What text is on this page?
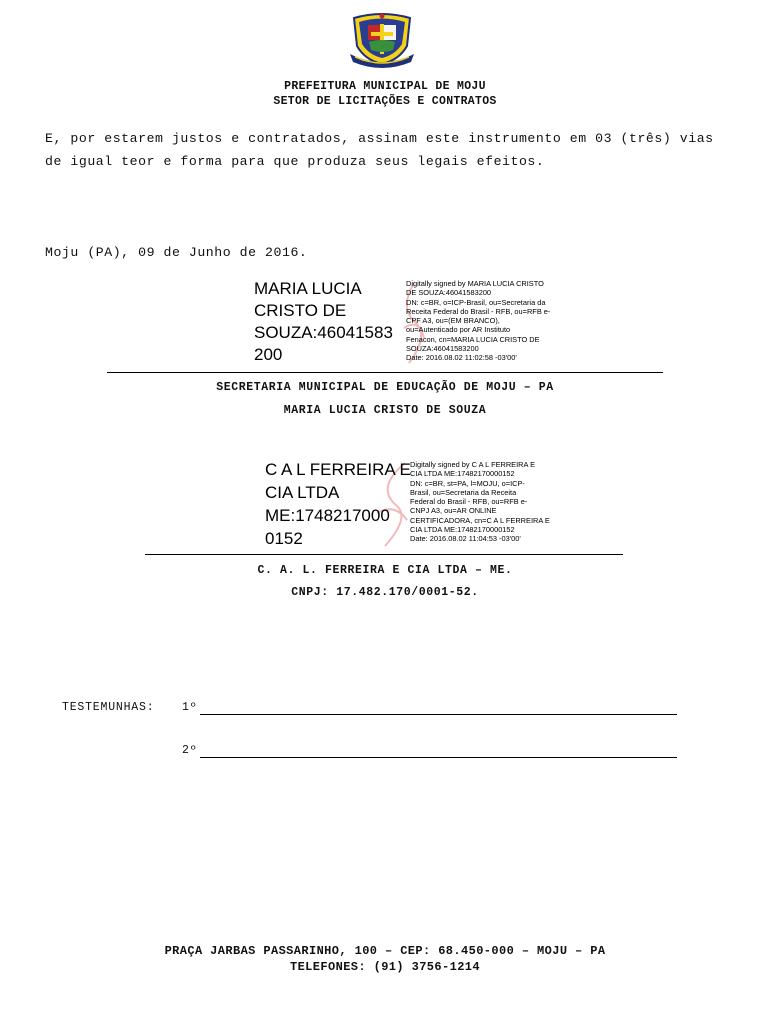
PREFEITURA MUNICIPAL DE MOJU
SETOR DE LICITAÇÕES E CONTRATOS
E, por estarem justos e contratados, assinam este instrumento em 03 (três) vias
de igual teor e forma para que produza seus legais efeitos.
Moju (PA), 09 de Junho de 2016.
MARIA LUCIA
CRISTO DE
SOUZA:46041583
200
Digitally signed by MARIA LUCIA CRISTO
DE SOUZA:46041583200
DN: c=BR, o=ICP-Brasil, ou=Secretaria da
Receita Federal do Brasil - RFB, ou=RFB e-
CPF A3, ou=(EM BRANCO),
ou=Autenticado por AR Instituto
Fenacon, cn=MARIA LUCIA CRISTO DE
SOUZA:46041583200
Date: 2016.08.02 11:02:58 -03'00'
SECRETARIA MUNICIPAL DE EDUCAÇÃO DE MOJU – PA
MARIA LUCIA CRISTO DE SOUZA
C A L FERREIRA E
CIA LTDA
ME:1748217000
0152
Digitally signed by C A L FERREIRA E
CIA LTDA ME:17482170000152
DN: c=BR, st=PA, l=MOJU, o=ICP-
Brasil, ou=Secretaria da Receita
Federal do Brasil - RFB, ou=RFB e-
CNPJ A3, ou=AR ONLINE
CERTIFICADORA, cn=C A L FERREIRA E
CIA LTDA ME:17482170000152
Date: 2016.08.02 11:04:53 -03'00'
C. A. L. FERREIRA E CIA LTDA – ME.
CNPJ: 17.482.170/0001-52.
TESTEMUNHAS: 1º
2º
PRAÇA JARBAS PASSARINHO, 100 – CEP: 68.450-000 – MOJU – PA
TELEFONES: (91) 3756-1214
